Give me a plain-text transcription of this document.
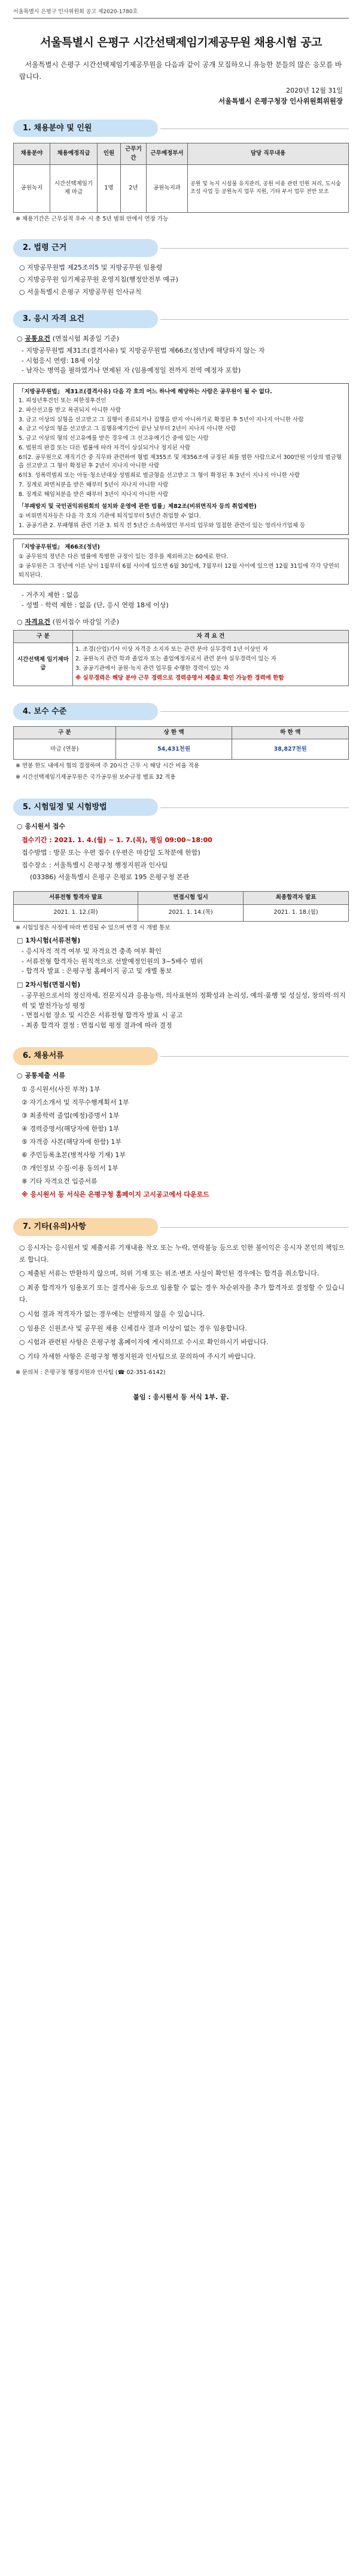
서울특별시 은평구 인사위원회 공고 제2020-1780호
서울특별시 은평구 시간선택제임기제공무원 채용시험 공고
서울특별시 은평구 시간선택제임기제공무원을 다음과 같이 공개 모집하오니 유능한 분들의 많은 응모를 바랍니다.
2020년 12월 31일
서울특별시 은평구청장 인사위원회위원장
1. 채용분야 및 인원
채용분야	채용예정직급	인원	근무기간	근무예정부서	담당 직무내용
공원녹지	시간선택제임기제 마급	1명	2년	공원녹지과	공원 및 녹지 시설물 유지관리, 공원 이용 관련 민원 처리, 도시숲 조성 사업 등 공원녹지 업무 지원, 기타 부서 업무 전반 보조
※ 채용기간은 근무실적 우수 시 총 5년 범위 안에서 연장 가능
2. 법령 근거
○ 지방공무원법 제25조의5 및 지방공무원 임용령
○ 지방공무원 임기제공무원 운영지침(행정안전부 예규)
○ 서울특별시 은평구 지방공무원 인사규칙
3. 응시 자격 요건
○ 공통요건 (면접시험 최종일 기준)
- 지방공무원법 제31조(결격사유) 및 지방공무원법 제66조(정년)에 해당하지 않는 자
- 시험응시 연령: 18세 이상
- 남자는 병역을 필하였거나 면제된 자 (임용예정일 전까지 전역 예정자 포함)

「지방공무원법」 제31조(결격사유) 다음 각 호의 어느 하나에 해당하는 사람은 공무원이 될 수 없다.

1. 피성년후견인 또는 피한정후견인

2. 파산선고를 받고 복권되지 아니한 사람

3. 금고 이상의 실형을 선고받고 그 집행이 종료되거나 집행을 받지 아니하기로 확정된 후 5년이 지나지 아니한 사람

4. 금고 이상의 형을 선고받고 그 집행유예기간이 끝난 날부터 2년이 지나지 아니한 사람

5. 금고 이상의 형의 선고유예를 받은 경우에 그 선고유예기간 중에 있는 사람

6. 법원의 판결 또는 다른 법률에 따라 자격이 상실되거나 정지된 사람

6의2. 공무원으로 재직기간 중 직무와 관련하여 형법 제355조 및 제356조에 규정된 죄를 범한 사람으로서 300만원 이상의 벌금형을 선고받고 그 형이 확정된 후 2년이 지나지 아니한 사람

6의3. 성폭력범죄 또는 아동·청소년대상 성범죄로 벌금형을 선고받고 그 형이 확정된 후 3년이 지나지 아니한 사람

7. 징계로 파면처분을 받은 때부터 5년이 지나지 아니한 사람

8. 징계로 해임처분을 받은 때부터 3년이 지나지 아니한 사람

「부패방지 및 국민권익위원회의 설치와 운영에 관한 법률」제82조(비위면직자 등의 취업제한)

① 비위면직자등은 다음 각 호의 기관에 퇴직일부터 5년간 취업할 수 없다.

1. 공공기관 2. 부패행위 관련 기관 3. 퇴직 전 5년간 소속하였던 부서의 업무와 밀접한 관련이 있는 영리사기업체 등

「지방공무원법」 제66조(정년)

① 공무원의 정년은 다른 법률에 특별한 규정이 있는 경우를 제외하고는 60세로 한다.

② 공무원은 그 정년에 이른 날이 1월부터 6월 사이에 있으면 6월 30일에, 7월부터 12월 사이에 있으면 12월 31일에 각각 당연히 퇴직된다.

- 거주지 제한 : 없음
- 성별 · 학력 제한 : 없음 (단, 응시 연령 18세 이상)
○ 자격요건 (원서접수 마감일 기준)
구 분	자 격 요 건
시간선택제 임기제마급	1. 조경(산업)기사 이상 자격증 소지자 또는 관련 분야 실무경력 1년 이상인 자
2. 공원녹지 관련 학과 졸업자 또는 졸업예정자로서 관련 분야 실무경력이 있는 자
3. 공공기관에서 공원·녹지 관련 업무를 수행한 경력이 있는 자
※ 실무경력은 해당 분야 근무 경력으로 경력증명서 제출로 확인 가능한 경력에 한함
4. 보수 수준
구 분	상 한 액	하 한 액
마급 (연봉)	54,431천원	38,827천원
※ 연봉 한도 내에서 협의 결정하며 주 20시간 근무 시 해당 시간 비율 적용
※ 시간선택제임기제공무원은 국가공무원 보수규정 별표 32 적용
5. 시험일정 및 시험방법
○ 응시원서 접수
접수기간 : 2021. 1. 4.(월) ~ 1. 7.(목), 평일 09:00~18:00
접수방법 : 방문 또는 우편 접수 (우편은 마감일 도착분에 한함)
접수장소 : 서울특별시 은평구청 행정지원과 인사팀
(03386) 서울특별시 은평구 은평로 195 은평구청 본관
서류전형 합격자 발표	면접시험 일시	최종합격자 발표
2021. 1. 12.(화)	2021. 1. 14.(목)	2021. 1. 18.(월)
※ 시험일정은 사정에 따라 변경될 수 있으며 변경 시 개별 통보
□ 1차시험(서류전형)
- 응시자격 적격 여부 및 자격요건 충족 여부 확인
- 서류전형 합격자는 원칙적으로 선발예정인원의 3~5배수 범위
- 합격자 발표 : 은평구청 홈페이지 공고 및 개별 통보
□ 2차시험(면접시험)
- 공무원으로서의 정신자세, 전문지식과 응용능력, 의사표현의 정확성과 논리성, 예의·품행 및 성실성, 창의력·의지력 및 발전가능성 평정
- 면접시험 장소 및 시간은 서류전형 합격자 발표 시 공고
- 최종 합격자 결정 : 면접시험 평정 결과에 따라 결정
6. 채용서류
○ 공통제출 서류
① 응시원서(사진 부착) 1부
② 자기소개서 및 직무수행계획서 1부
③ 최종학력 졸업(예정)증명서 1부
④ 경력증명서(해당자에 한함) 1부
⑤ 자격증 사본(해당자에 한함) 1부
⑥ 주민등록초본(병적사항 기재) 1부
⑦ 개인정보 수집·이용 동의서 1부
⑧ 기타 자격요건 입증서류
※ 응시원서 등 서식은 은평구청 홈페이지 고시공고에서 다운로드
7. 기타(유의)사항
○ 응시자는 응시원서 및 제출서류 기재내용 착오 또는 누락, 연락불능 등으로 인한 불이익은 응시자 본인의 책임으로 합니다.
○ 제출된 서류는 반환하지 않으며, 허위 기재 또는 위조·변조 사실이 확인된 경우에는 합격을 취소합니다.
○ 최종 합격자가 임용포기 또는 결격사유 등으로 임용할 수 없는 경우 차순위자를 추가 합격자로 결정할 수 있습니다.
○ 시험 결과 적격자가 없는 경우에는 선발하지 않을 수 있습니다.
○ 임용은 신원조사 및 공무원 채용 신체검사 결과 이상이 없는 경우 임용합니다.
○ 시험과 관련된 사항은 은평구청 홈페이지에 게시하므로 수시로 확인하시기 바랍니다.
○ 기타 자세한 사항은 은평구청 행정지원과 인사팀으로 문의하여 주시기 바랍니다.
※ 문의처 : 은평구청 행정지원과 인사팀 (☎ 02-351-6142)
붙임 : 응시원서 등 서식 1부. 끝.
